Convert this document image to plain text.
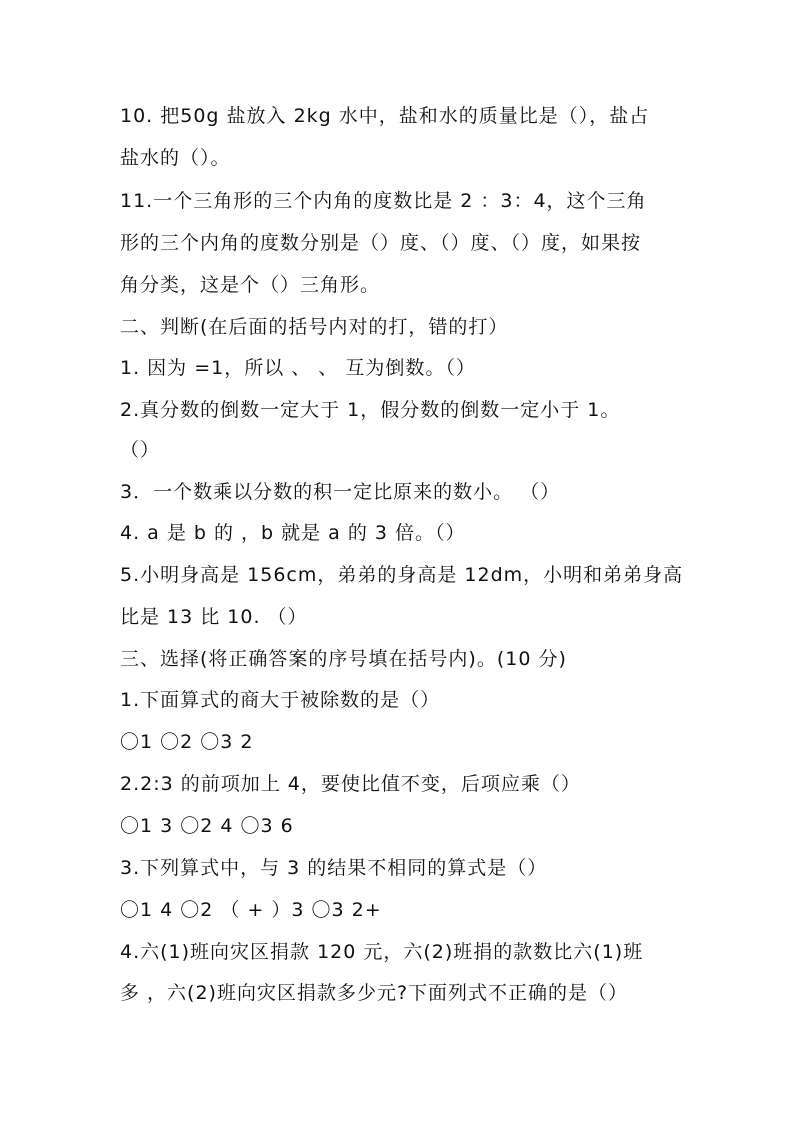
10. 把50g 盐放入 2kg 水中，盐和水的质量比是（），盐占
盐水的（）。
11.一个三角形的三个内角的度数比是 2 ：3：4，这个三角
形的三个内角的度数分别是（）度、（）度、（）度，如果按
角分类，这是个（）三角形。
二、判断(在后面的括号内对的打，错的打）
1. 因为 =1，所以 、 、 互为倒数。（）
2.真分数的倒数一定大于 1，假分数的倒数一定小于 1。
（）
3．一个数乘以分数的积一定比原来的数小。 （）
4. a 是 b 的 ，b 就是 a 的 3 倍。（）
5.小明身高是 156cm，弟弟的身高是 12dm，小明和弟弟身高
比是 13 比 10. （）
三、选择(将正确答案的序号填在括号内)。(10 分)
1.下面算式的商大于被除数的是（）
〇1 〇2 〇3 2
2.2:3 的前项加上 4，要使比值不变，后项应乘（）
〇1 3 〇2 4 〇3 6
3.下列算式中，与 3 的结果不相同的算式是（）
〇1 4 〇2 （ + ）3 〇3 2+
4.六(1)班向灾区捐款 120 元，六(2)班捐的款数比六(1)班
多 ，六(2)班向灾区捐款多少元?下面列式不正确的是（）
